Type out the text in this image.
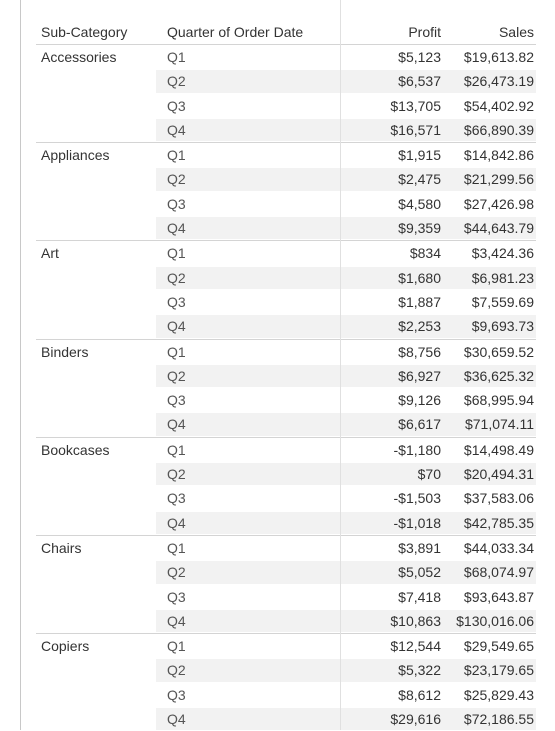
Sub-Category	Quarter of Order Date	Profit	Sales
Accessories	Q1	$5,123 $19,613.82
Q2	$6,537 $26,473.19
Q3	$13,705 $54,402.92
Q4	$16,571 $66,890.39
Appliances	Q1	$1,915 $14,842.86
Q2	$2,475 $21,299.56
Q3	$4,580 $27,426.98
Q4	$9,359 $44,643.79
Art	Q1	$834 $3,424.36
Q2	$1,680 $6,981.23
Q3	$1,887 $7,559.69
Q4	$2,253 $9,693.73
Binders	Q1	$8,756 $30,659.52
Q2	$6,927 $36,625.32
Q3	$9,126 $68,995.94
Q4	$6,617 $71,074.11
Bookcases	Q1	-$1,180 $14,498.49
Q2	$70 $20,494.31
Q3	-$1,503 $37,583.06
Q4	-$1,018 $42,785.35
Chairs	Q1	$3,891 $44,033.34
Q2	$5,052 $68,074.97
Q3	$7,418 $93,643.87
Q4	$10,863 $130,016.06
Copiers	Q1	$12,544 $29,549.65
Q2	$5,322 $23,179.65
Q3	$8,612 $25,829.43
Q4	$29,616 $72,186.55
